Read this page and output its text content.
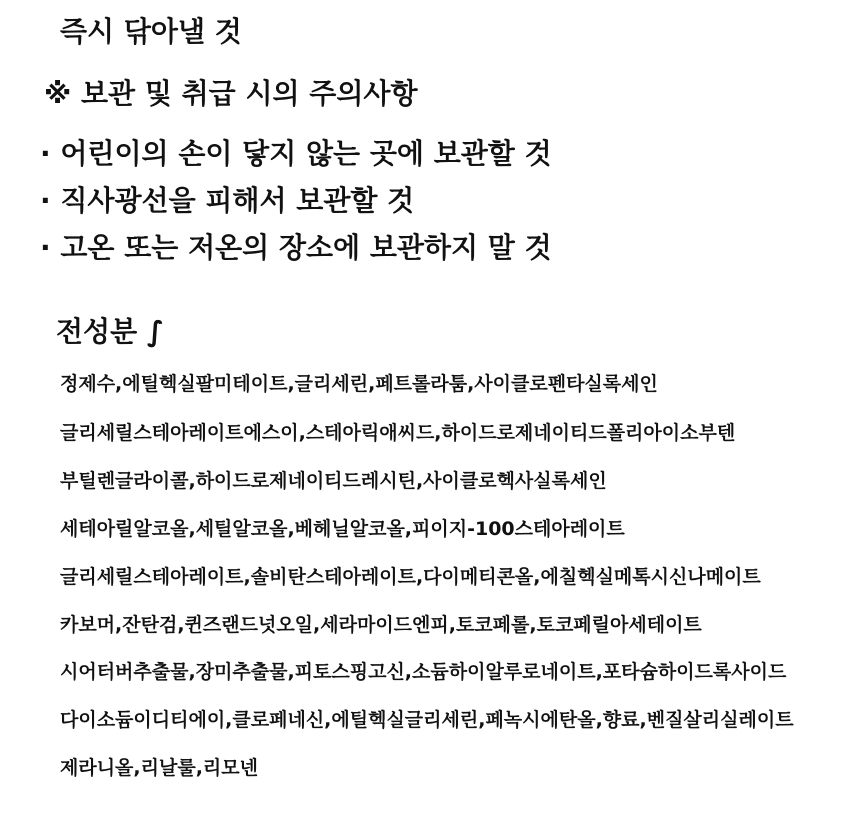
즉시 닦아낼 것
※ 보관 및 취급 시의 주의사항
· 어린이의 손이 닿지 않는 곳에 보관할 것
· 직사광선을 피해서 보관할 것
· 고온 또는 저온의 장소에 보관하지 말 것
전성분 ∫
정제수,에틸헥실팔미테이트,글리세린,페트롤라툼,사이클로펜타실록세인
글리세릴스테아레이트에스이,스테아릭애씨드,하이드로제네이티드폴리아이소부텐
부틸렌글라이콜,하이드로제네이티드레시틴,사이클로헥사실록세인
세테아릴알코올,세틸알코올,베헤닐알코올,피이지-100스테아레이트
글리세릴스테아레이트,솔비탄스테아레이트,다이메티콘올,에칠헥실메톡시신나메이트
카보머,잔탄검,퀸즈랜드넛오일,세라마이드엔피,토코페롤,토코페릴아세테이트
시어터버추출물,장미추출물,피토스핑고신,소듐하이알루로네이트,포타슘하이드록사이드
다이소듐이디티에이,클로페네신,에틸헥실글리세린,페녹시에탄올,향료,벤질살리실레이트
제라니올,리날룰,리모넨
